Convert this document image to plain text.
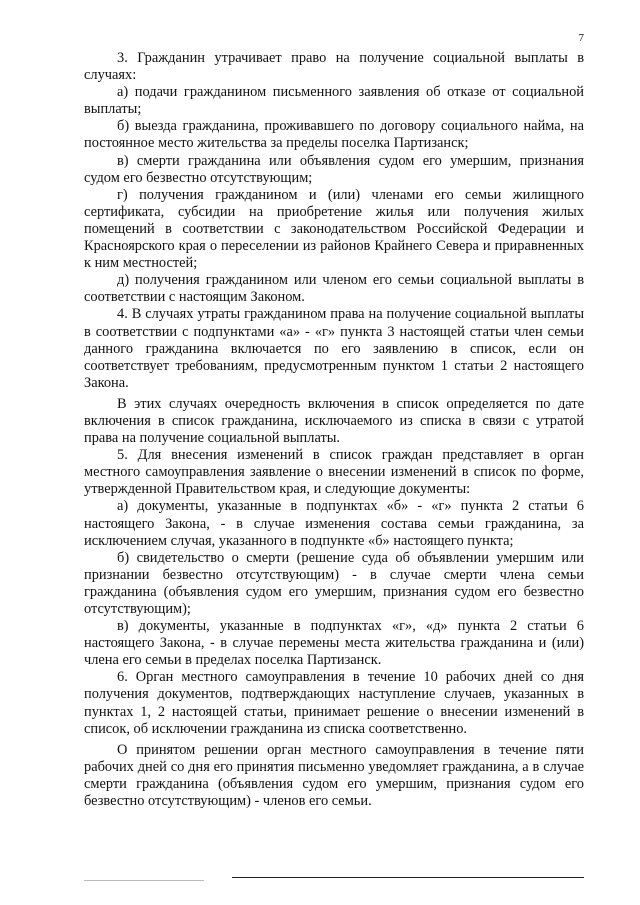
7

3. Гражданин утрачивает право на получение социальной выплаты в случаях:

а) подачи гражданином письменного заявления об отказе от социальной выплаты;

б) выезда гражданина, проживавшего по договору социального найма, на постоянное место жительства за пределы поселка Партизанск;

в) смерти гражданина или объявления судом его умершим, признания судом его безвестно отсутствующим;

г) получения гражданином и (или) членами его семьи жилищного сертификата, субсидии на приобретение жилья или получения жилых помещений в соответствии с законодательством Российской Федерации и Красноярского края о переселении из районов Крайнего Севера и приравненных к ним местностей;

д) получения гражданином или членом его семьи социальной выплаты в соответствии с настоящим Законом.

4. В случаях утраты гражданином права на получение социальной выплаты в соответствии с подпунктами «а» - «г» пункта 3 настоящей статьи член семьи данного гражданина включается по его заявлению в список, если он соответствует требованиям, предусмотренным пунктом 1 статьи 2 настоящего Закона.

В этих случаях очередность включения в список определяется по дате включения в список гражданина, исключаемого из списка в связи с утратой права на получение социальной выплаты.

5. Для внесения изменений в список граждан представляет в орган местного самоуправления заявление о внесении изменений в список по форме, утвержденной Правительством края, и следующие документы:

а) документы, указанные в подпунктах «б» - «г» пункта 2 статьи 6 настоящего Закона, - в случае изменения состава семьи гражданина, за исключением случая, указанного в подпункте «б» настоящего пункта;

б) свидетельство о смерти (решение суда об объявлении умершим или признании безвестно отсутствующим) - в случае смерти члена семьи гражданина (объявления судом его умершим, признания судом его безвестно отсутствующим);

в) документы, указанные в подпунктах «г», «д» пункта 2 статьи 6 настоящего Закона, - в случае перемены места жительства гражданина и (или) члена его семьи в пределах поселка Партизанск.

6. Орган местного самоуправления в течение 10 рабочих дней со дня получения документов, подтверждающих наступление случаев, указанных в пунктах 1, 2 настоящей статьи, принимает решение о внесении изменений в список, об исключении гражданина из списка соответственно.

О принятом решении орган местного самоуправления в течение пяти рабочих дней со дня его принятия письменно уведомляет гражданина, а в случае смерти гражданина (объявления судом его умершим, признания судом его безвестно отсутствующим) - членов его семьи.
